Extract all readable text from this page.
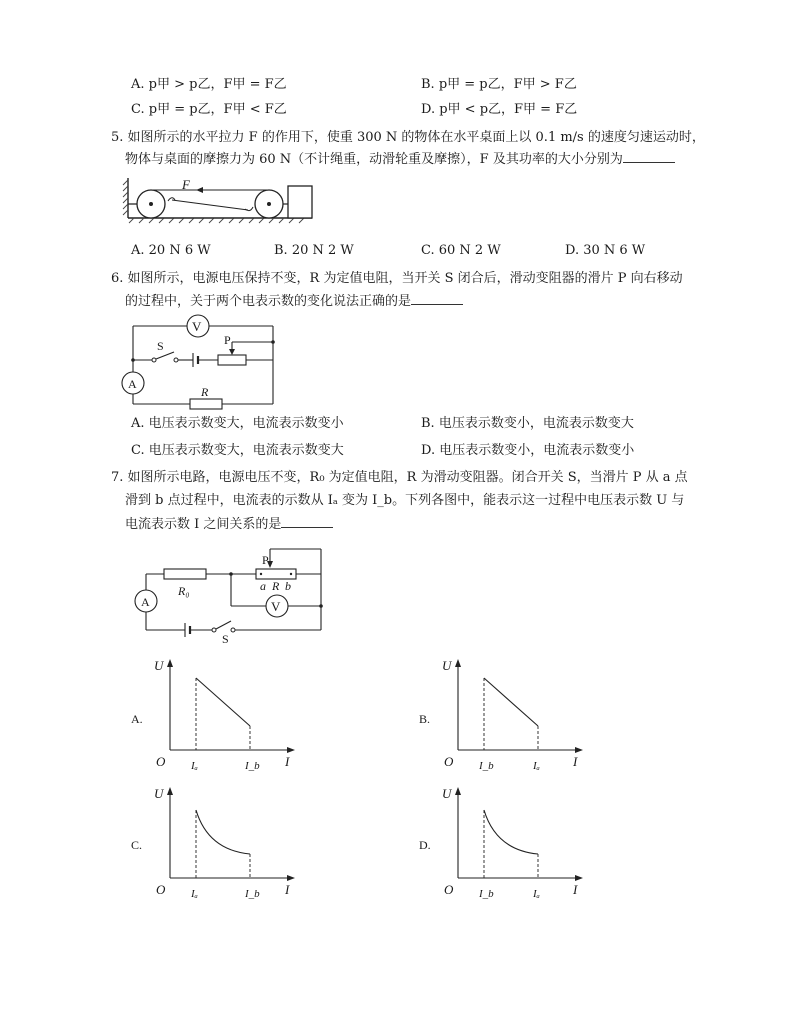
A. p甲 > p乙，F甲 = F乙	B. p甲 = p乙，F甲 > F乙
C. p甲 = p乙，F甲 < F乙	D. p甲 < p乙，F甲 = F乙
5. 如图所示的水平拉力 F 的作用下，使重 300 N 的物体在水平桌面上以 0.1 m/s 的速度匀速运动时，
物体与桌面的摩擦力为 60 N（不计绳重，动滑轮重及摩擦），F 及其功率的大小分别为
F
A. 20 N 6 W	B. 20 N 2 W	C. 60 N 2 W	D. 30 N 6 W
6. 如图所示，电源电压保持不变，R 为定值电阻，当开关 S 闭合后，滑动变阻器的滑片 P 向右移动
的过程中，关于两个电表示数的变化说法正确的是
V
A
S	P
R
A. 电压表示数变大，电流表示数变小	B. 电压表示数变小，电流表示数变大
C. 电压表示数变大，电流表示数变大	D. 电压表示数变小，电流表示数变小
7. 如图所示电路，电源电压不变，R₀ 为定值电阻，R 为滑动变阻器。闭合开关 S，当滑片 P 从 a 点
滑到 b 点过程中，电流表的示数从 Iₐ 变为 I_b。下列各图中，能表示这一过程中电压表示数 U 与
电流表示数 I 之间关系的是
R₀	a R b
P
V
A
S
A.
U
O	I
Iₐ	I_b
B.
U
O	I
I_b	Iₐ
C.
U
O	I
Iₐ	I_b
D.
U
O	I
I_b	Iₐ
